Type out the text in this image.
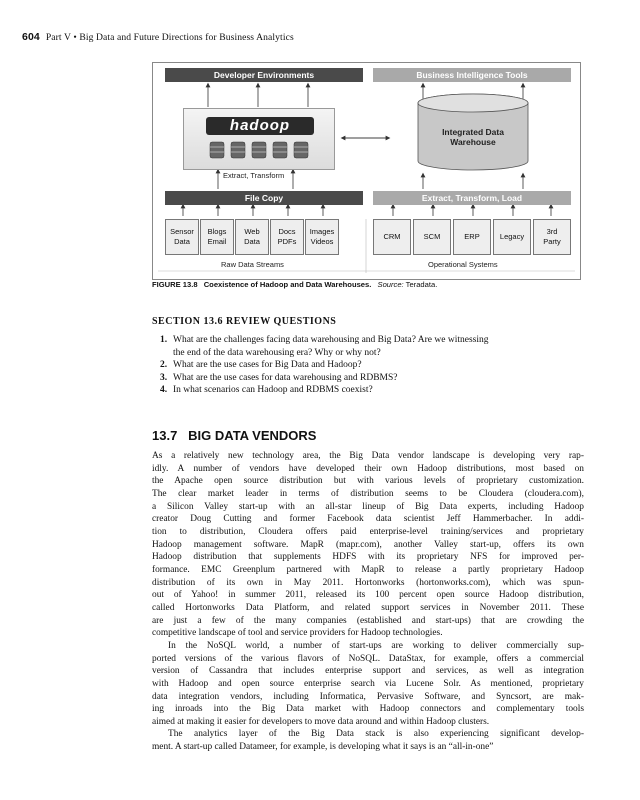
604 Part V • Big Data and Future Directions for Business Analytics
Developer Environments	Business Intelligence Tools
hadoop
Extract, Transform
Integrated Data Warehouse
File Copy	Extract, Transform, Load
Sensor
Data
Blogs
Email
Web
Data
Docs
PDFs
Images
Videos
CRM	SCM	ERP	Legacy
3rd
Party
Raw Data Streams	Operational Systems
FIGURE 13.8 Coexistence of Hadoop and Data Warehouses. Source: Teradata.
SECTION 13.6 REVIEW QUESTIONS
1. What are the challenges facing data warehousing and Big Data? Are we witnessing
the end of the data warehousing era? Why or why not?
2. What are the use cases for Big Data and Hadoop?
3. What are the use cases for data warehousing and RDBMS?
4. In what scenarios can Hadoop and RDBMS coexist?
13.7 BIG DATA VENDORS
As a relatively new technology area, the Big Data vendor landscape is developing very rap-
idly. A number of vendors have developed their own Hadoop distributions, most based on
the Apache open source distribution but with various levels of proprietary customization.
The clear market leader in terms of distribution seems to be Cloudera (cloudera.com),
a Silicon Valley start-up with an all-star lineup of Big Data experts, including Hadoop
creator Doug Cutting and former Facebook data scientist Jeff Hammerbacher. In addi-
tion to distribution, Cloudera offers paid enterprise-level training/services and proprietary
Hadoop management software. MapR (mapr.com), another Valley start-up, offers its own
Hadoop distribution that supplements HDFS with its proprietary NFS for improved per-
formance. EMC Greenplum partnered with MapR to release a partly proprietary Hadoop
distribution of its own in May 2011. Hortonworks (hortonworks.com), which was spun-
out of Yahoo! in summer 2011, released its 100 percent open source Hadoop distribution,
called Hortonworks Data Platform, and related support services in November 2011. These
are just a few of the many companies (established and start-ups) that are crowding the
competitive landscape of tool and service providers for Hadoop technologies.
In the NoSQL world, a number of start-ups are working to deliver commercially sup-
ported versions of the various flavors of NoSQL. DataStax, for example, offers a commercial
version of Cassandra that includes enterprise support and services, as well as integration
with Hadoop and open source enterprise search via Lucene Solr. As mentioned, proprietary
data integration vendors, including Informatica, Pervasive Software, and Syncsort, are mak-
ing inroads into the Big Data market with Hadoop connectors and complementary tools
aimed at making it easier for developers to move data around and within Hadoop clusters.
The analytics layer of the Big Data stack is also experiencing significant develop-
ment. A start-up called Datameer, for example, is developing what it says is an “all-in-one”
